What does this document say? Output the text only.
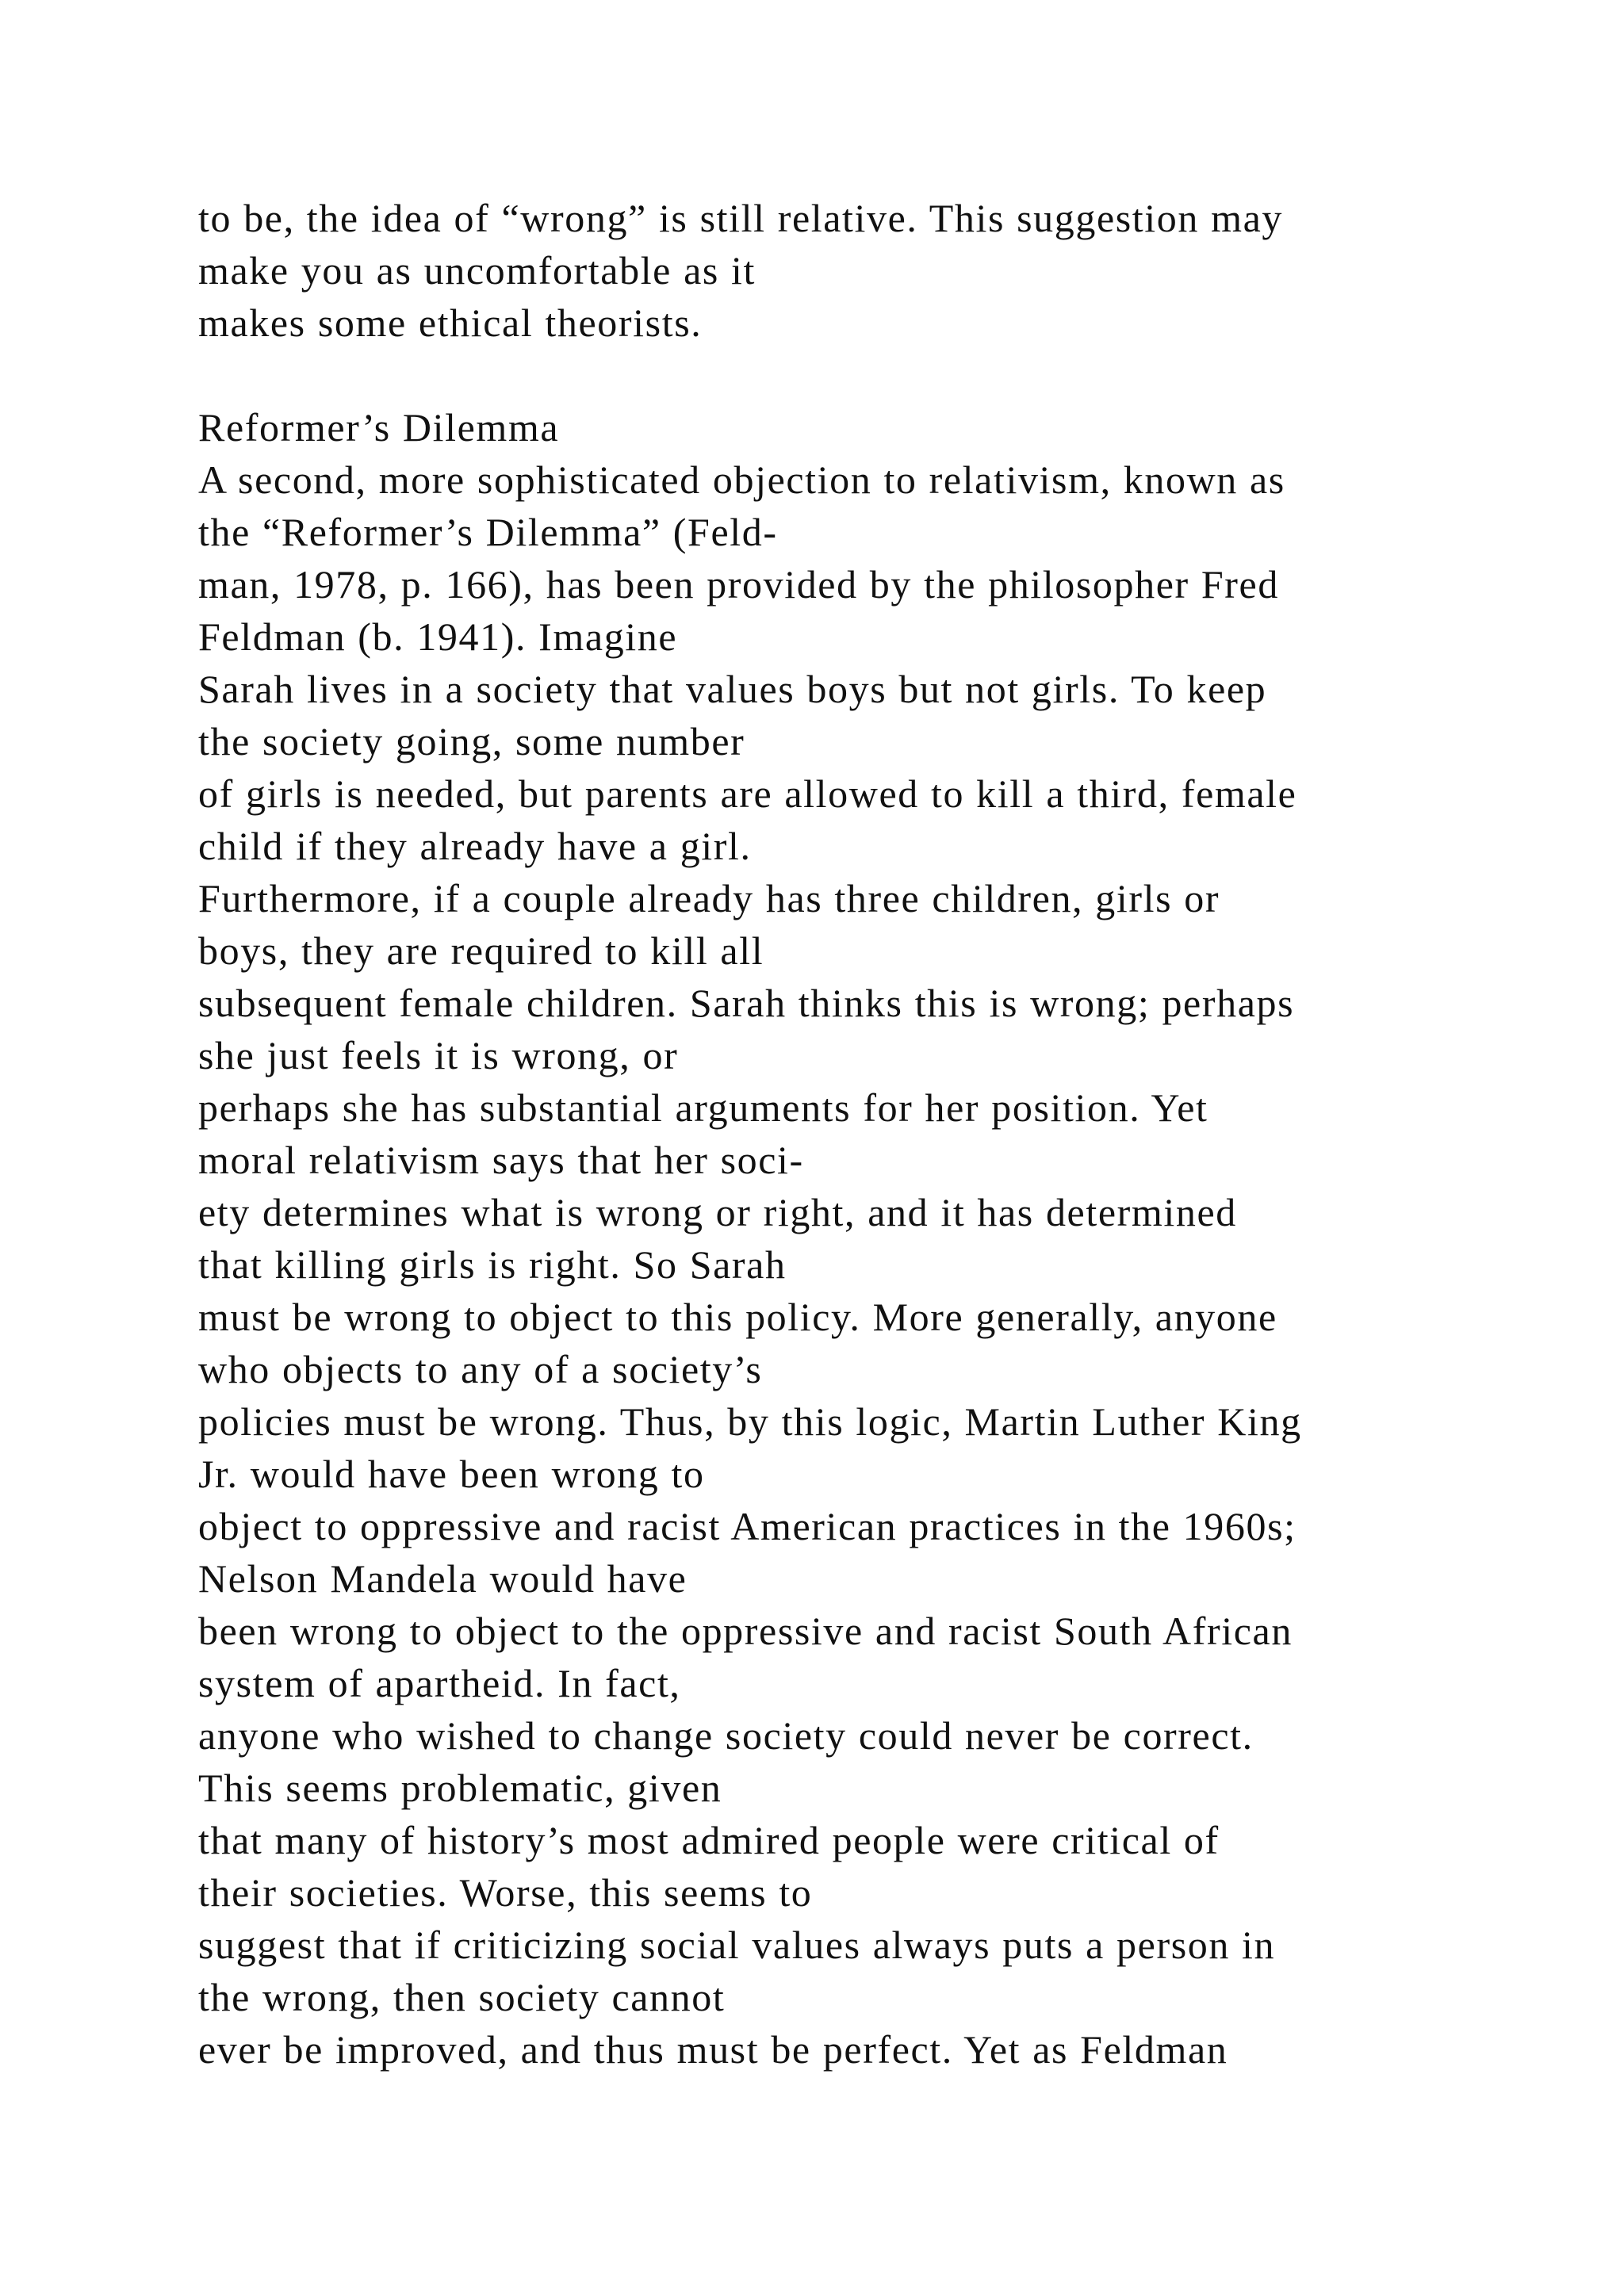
to be, the idea of “wrong” is still relative. This suggestion may
make you as uncomfortable as it
makes some ethical theorists.
Reformer’s Dilemma
A second, more sophisticated objection to relativism, known as
the “Reformer’s Dilemma” (Feld-
man, 1978, p. 166), has been provided by the philosopher Fred
Feldman (b. 1941). Imagine
Sarah lives in a society that values boys but not girls. To keep
the society going, some number
of girls is needed, but parents are allowed to kill a third, female
child if they already have a girl.
Furthermore, if a couple already has three children, girls or
boys, they are required to kill all
subsequent female children. Sarah thinks this is wrong; perhaps
she just feels it is wrong, or
perhaps she has substantial arguments for her position. Yet
moral relativism says that her soci-
ety determines what is wrong or right, and it has determined
that killing girls is right. So Sarah
must be wrong to object to this policy. More generally, anyone
who objects to any of a society’s
policies must be wrong. Thus, by this logic, Martin Luther King
Jr. would have been wrong to
object to oppressive and racist American practices in the 1960s;
Nelson Mandela would have
been wrong to object to the oppressive and racist South African
system of apartheid. In fact,
anyone who wished to change society could never be correct.
This seems problematic, given
that many of history’s most admired people were critical of
their societies. Worse, this seems to
suggest that if criticizing social values always puts a person in
the wrong, then society cannot
ever be improved, and thus must be perfect. Yet as Feldman
